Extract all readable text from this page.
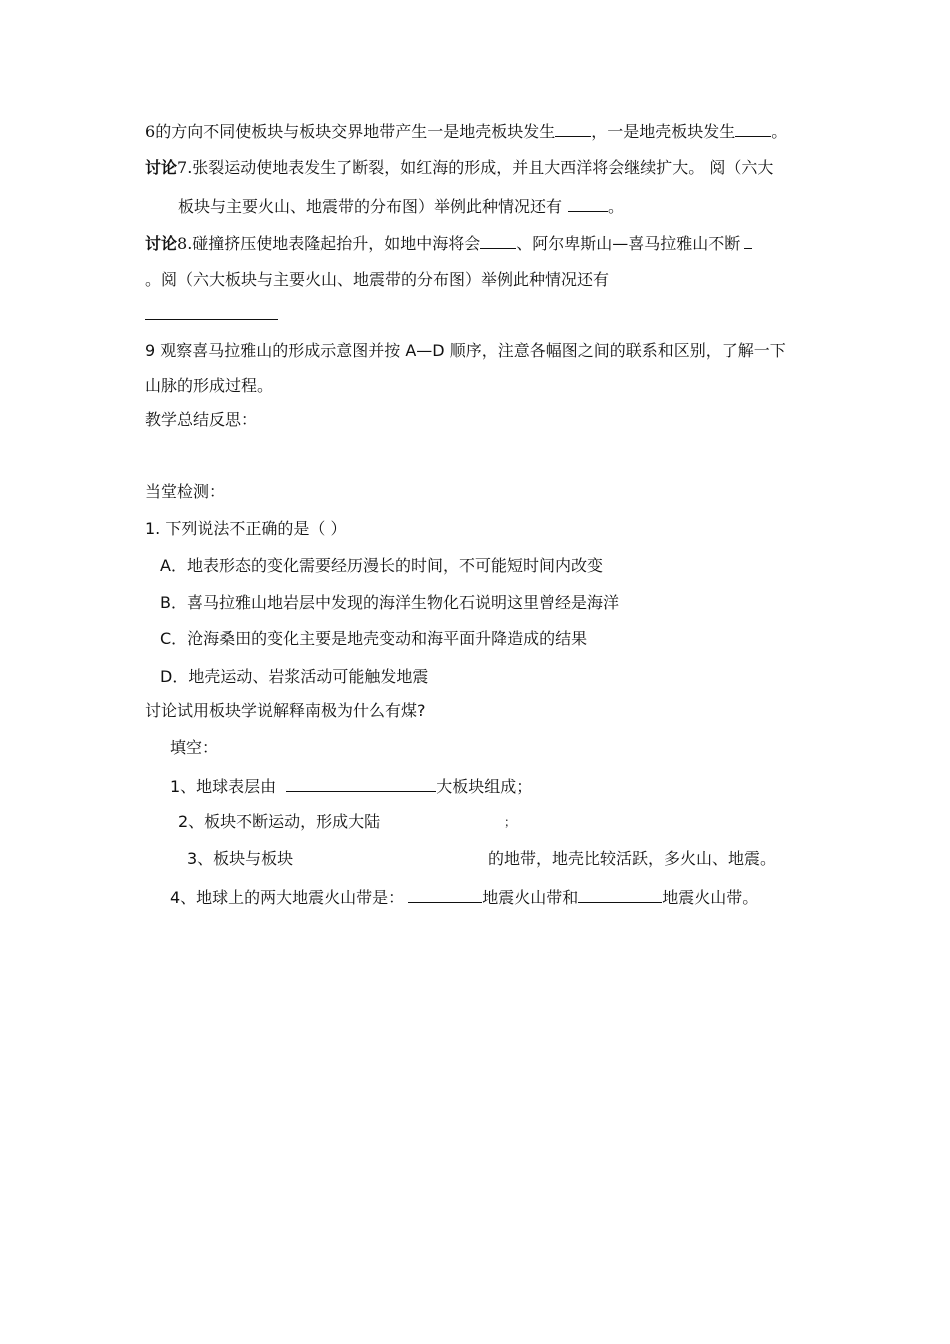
6的方向不同使板块与板块交界地带产生一是地壳板块发生 ，一是地壳板块发生 。
讨论7.张裂运动使地表发生了断裂，如红海的形成，并且大西洋将会继续扩大。 阅（六大
板块与主要火山、地震带的分布图）举例此种情况还有	。
讨论8.碰撞挤压使地表隆起抬升，如地中海将会 、阿尔卑斯山—喜马拉雅山不断
。阅（六大板块与主要火山、地震带的分布图）举例此种情况还有
9 观察喜马拉雅山的形成示意图并按 A—D 顺序，注意各幅图之间的联系和区别，了解一下
山脉的形成过程。
教学总结反思：
当堂检测：
1. 下列说法不正确的是（ ）
A．地表形态的变化需要经历漫长的时间，不可能短时间内改变
B．喜马拉雅山地岩层中发现的海洋生物化石说明这里曾经是海洋
C．沧海桑田的变化主要是地壳变动和海平面升降造成的结果
D．地壳运动、岩浆活动可能触发地震
讨论试用板块学说解释南极为什么有煤?
填空：
1、地球表层由	大板块组成；
2、板块不断运动，形成大陆	；
3、板块与板块	的地带，地壳比较活跃，多火山、地震。
4、地球上的两大地震火山带是：	地震火山带和	地震火山带。
